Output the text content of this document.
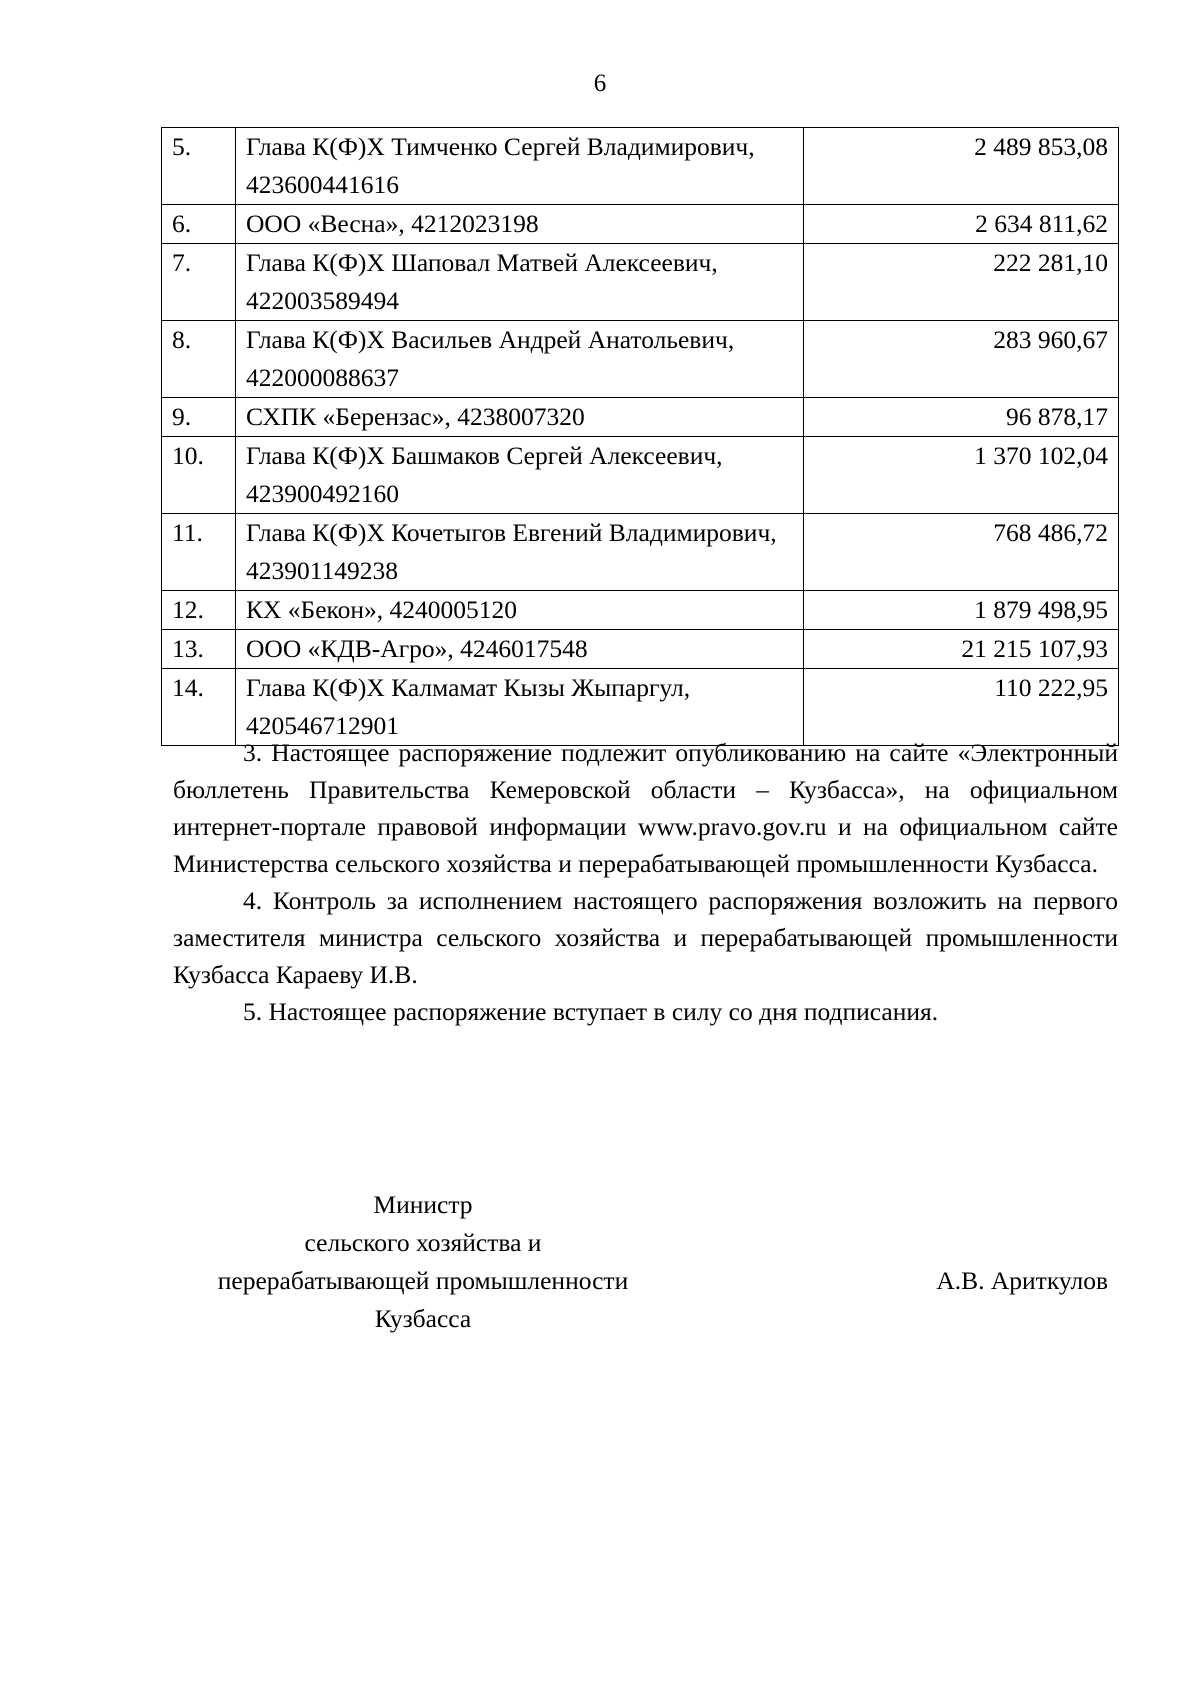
6
5.	Глава К(Ф)Х Тимченко Сергей Владимирович, 423600441616	2 489 853,08
6.	ООО «Весна», 4212023198	2 634 811,62
7.	Глава К(Ф)Х Шаповал Матвей Алексеевич, 422003589494	222 281,10
8.	Глава К(Ф)Х Васильев Андрей Анатольевич, 422000088637	283 960,67
9.	СХПК «Берензас», 4238007320	96 878,17
10.	Глава К(Ф)Х Башмаков Сергей Алексеевич, 423900492160	1 370 102,04
11.	Глава К(Ф)Х Кочетыгов Евгений Владимирович, 423901149238	768 486,72
12.	КХ «Бекон», 4240005120	1 879 498,95
13.	ООО «КДВ-Агро», 4246017548	21 215 107,93
14.	Глава К(Ф)Х Калмамат Кызы Жыпаргул, 420546712901	110 222,95

3. Настоящее распоряжение подлежит опубликованию на сайте «Электронный бюллетень Правительства Кемеровской области – Кузбасса», на официальном интернет-портале правовой информации www.pravo.gov.ru и на официальном сайте Министерства сельского хозяйства и перерабатывающей промышленности Кузбасса.

4. Контроль за исполнением настоящего распоряжения возложить на первого заместителя министра сельского хозяйства и перерабатывающей промышленности Кузбасса Караеву И.В.

5. Настоящее распоряжение вступает в силу со дня подписания.

Министр
сельского хозяйства и
перерабатывающей промышленности
Кузбасса
А.В. Ариткулов
